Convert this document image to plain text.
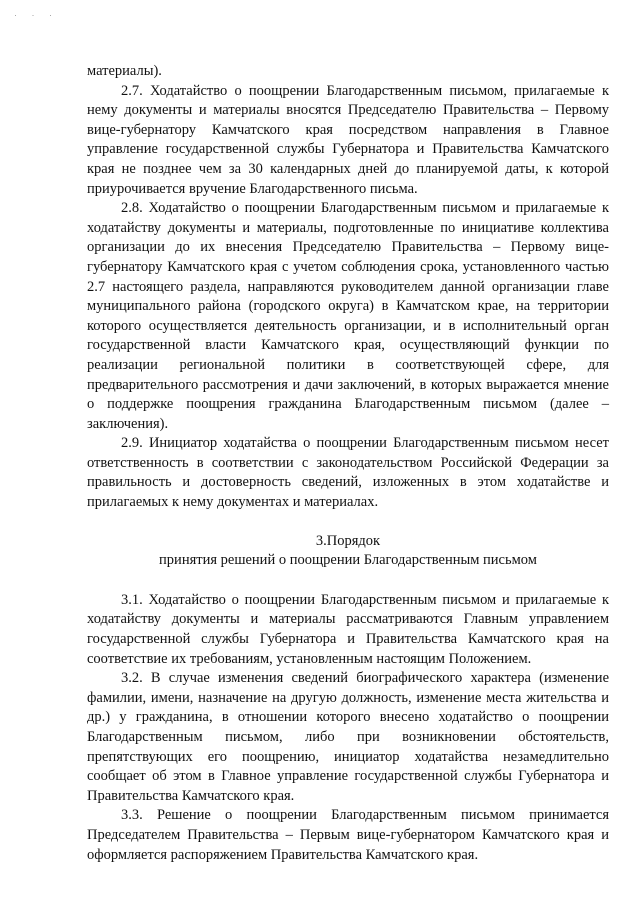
· · ·

материалы).

2.7. Ходатайство о поощрении Благодарственным письмом, прилагаемые к нему документы и материалы вносятся Председателю Правительства – Первому вице-губернатору Камчатского края посредством направления в Главное управление государственной службы Губернатора и Правительства Камчатского края не позднее чем за 30 календарных дней до планируемой даты, к которой приурочивается вручение Благодарственного письма.

2.8. Ходатайство о поощрении Благодарственным письмом и прилагаемые к ходатайству документы и материалы, подготовленные по инициативе коллектива организации до их внесения Председателю Правительства – Первому вице-губернатору Камчатского края с учетом соблюдения срока, установленного частью 2.7 настоящего раздела, направляются руководителем данной организации главе муниципального района (городского округа) в Камчатском крае, на территории которого осуществляется деятельность организации, и в исполнительный орган государственной власти Камчатского края, осуществляющий функции по реализации региональной политики в соответствующей сфере, для предварительного рассмотрения и дачи заключений, в которых выражается мнение о поддержке поощрения гражданина Благодарственным письмом (далее – заключения).

2.9. Инициатор ходатайства о поощрении Благодарственным письмом несет ответственность в соответствии с законодательством Российской Федерации за правильность и достоверность сведений, изложенных в этом ходатайстве и прилагаемых к нему документах и материалах.

3.Порядок

принятия решений о поощрении Благодарственным письмом

3.1. Ходатайство о поощрении Благодарственным письмом и прилагаемые к ходатайству документы и материалы рассматриваются Главным управлением государственной службы Губернатора и Правительства Камчатского края на соответствие их требованиям, установленным настоящим Положением.

3.2. В случае изменения сведений биографического характера (изменение фамилии, имени, назначение на другую должность, изменение места жительства и др.) у гражданина, в отношении которого внесено ходатайство о поощрении Благодарственным письмом, либо при возникновении обстоятельств, препятствующих его поощрению, инициатор ходатайства незамедлительно сообщает об этом в Главное управление государственной службы Губернатора и Правительства Камчатского края.

3.3. Решение о поощрении Благодарственным письмом принимается Председателем Правительства – Первым вице-губернатором Камчатского края и оформляется распоряжением Правительства Камчатского края.
